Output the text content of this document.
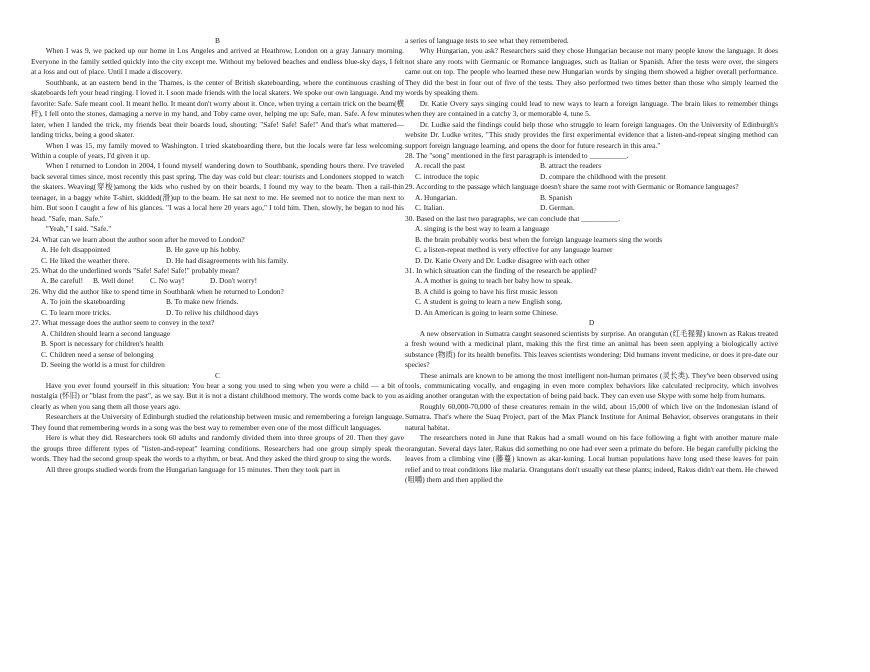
B

When I was 9, we packed up our home in Los Angeles and arrived at Heathrow, London on a gray January morning. Everyone in the family settled quickly into the city except me. Without my beloved beaches and endless blue-sky days, I felt at a loss and out of place. Until I made a discovery.

Southbank, at an eastern bend in the Thames, is the center of British skateboarding, where the continuous crashing of skateboards left your head ringing. I loved it. I soon made friends with the local skaters. We spoke our own language. And my favorite: Safe. Safe meant cool. It meant hello. It meant don't worry about it. Once, when trying a certain trick on the beam(横杆), I fell onto the stones, damaging a nerve in my hand, and Toby came over, helping me up: Safe, man. Safe. A few minutes later, when I landed the trick, my friends beat their boards loud, shouting: "Safe! Safe! Safe!" And that's what mattered—landing tricks, being a good skater.

When I was 15, my family moved to Washington. I tried skateboarding there, but the locals were far less welcoming. Within a couple of years, I'd given it up.

When I returned to London in 2004, I found myself wandering down to Southbank, spending hours there. I've traveled back several times since, most recently this past spring. The day was cold but clear: tourists and Londoners stopped to watch the skaters. Weaving(穿梭)among the kids who rushed by on their boards, I found my way to the beam. Then a rail-thin teenager, in a baggy white T-shirt, skidded(滑)up to the beam. He sat next to me. He seemed not to notice the man next to him. But soon I caught a few of his glances. "I was a local here 20 years ago," I told him. Then, slowly, he began to nod his head. "Safe, man. Safe."

"Yeah," I said. "Safe."

24. What can we learn about the author soon after he moved to London?

A. He felt disappointed	B. He gave up his hobby.
C. He liked the weather there.	D. He had disagreements with his family.

25. What do the underlined words "Safe! Safe! Safe!" probably mean?

A. Be careful!	B. Well done!	C. No way!	D. Don't worry!

26. Why did the author like to spend time in Southbank when he returned to London?

A. To join the skateboarding	B. To make new friends.
C. To learn more tricks.	D. To relive his childhood days

27. What message does the author seem to convey in the text?

A. Children should learn a second language
B. Sport is necessary for children's health
C. Children need a sense of belonging
D. Seeing the world is a must for children

C

Have you ever found yourself in this situation: You hear a song you used to sing when you were a child — a bit of nostalgia (怀旧) or "blast from the past", as we say. But it is not a distant childhood memory. The words come back to you as clearly as when you sang them all those years ago.

Researchers at the University of Edinburgh studied the relationship between music and remembering a foreign language. They found that remembering words in a song was the best way to remember even one of the most difficult languages.

Here is what they did. Researchers took 60 adults and randomly divided them into three groups of 20. Then they gave the groups three different types of "listen-and-repeat" learning conditions. Researchers had one group simply speak the words. They had the second group speak the words to a rhythm, or beat. And they asked the third group to sing the words.

All three groups studied words from the Hungarian language for 15 minutes. Then they took part in

a series of language tests to see what they remembered.

Why Hungarian, you ask? Researchers said they chose Hungarian because not many people know the language. It does not share any roots with Germanic or Romance languages, such as Italian or Spanish. After the tests were over, the singers came out on top. The people who learned these new Hungarian words by singing them showed a higher overall performance. They did the best in four out of five of the tests. They also performed two times better than those who simply learned the words by speaking them.

Dr. Katie Overy says singing could lead to new ways to learn a foreign language. The brain likes to remember things when they are contained in a catchy 3, or memorable 4, tune 5.

Dr. Ludke said the findings could help those who struggle to learn foreign languages. On the University of Edinburgh's website Dr. Ludke writes, "This study provides the first experimental evidence that a listen-and-repeat singing method can support foreign language learning, and opens the door for future research in this area."

28. The "song" mentioned in the first paragraph is intended to __________.

A. recall the past	B. attract the readers
C. introduce the topic	D. compare the childhood with the present

29. According to the passage which language doesn't share the same root with Germanic or Romance languages?

A. Hungarian.	B. Spanish
C. Italian.	D. German.

30. Based on the last two paragraphs, we can conclude that __________.

A. singing is the best way to learn a language
B. the brain probably works best when the foreign language learners sing the words
C. a listen-repeat method is very effective for any language learner
D. Dr. Katie Overy and Dr. Ludke disagree with each other

31. In which situation can the finding of the research be applied?

A. A mother is going to teach her baby how to speak.
B. A child is going to have his first music lesson
C. A student is going to learn a new English song.
D. An American is going to learn some Chinese.

D

A new observation in Sumatra caught seasoned scientists by surprise. An orangutan (红毛猩猩) known as Rakus treated a fresh wound with a medicinal plant, making this the first time an animal has been seen applying a biologically active substance (物质) for its health benefits. This leaves scientists wondering: Did humans invent medicine, or does it pre-date our species?

These animals are known to be among the most intelligent non-human primates (灵长类). They've been observed using tools, communicating vocally, and engaging in even more complex behaviors like calculated reciprocity, which involves aiding another orangutan with the expectation of being paid back. They can even use Skype with some help from humans.

Roughly 60,000-70,000 of these creatures remain in the wild, about 15,000 of which live on the Indonesian island of Sumatra. That's where the Suaq Project, part of the Max Planck Institute for Animal Behavior, observes orangutans in their natural habitat.

The researchers noted in June that Rakus had a small wound on his face following a fight with another mature male orangutan. Several days later, Rakus did something no one had ever seen a primate do before. He began carefully picking the leaves from a climbing vine (藤蔓) known as akar-kuning. Local human populations have long used these leaves for pain relief and to treat conditions like malaria. Orangutans don't usually eat these plants; indeed, Rakus didn't eat them. He chewed (咀嚼) them and then applied the
